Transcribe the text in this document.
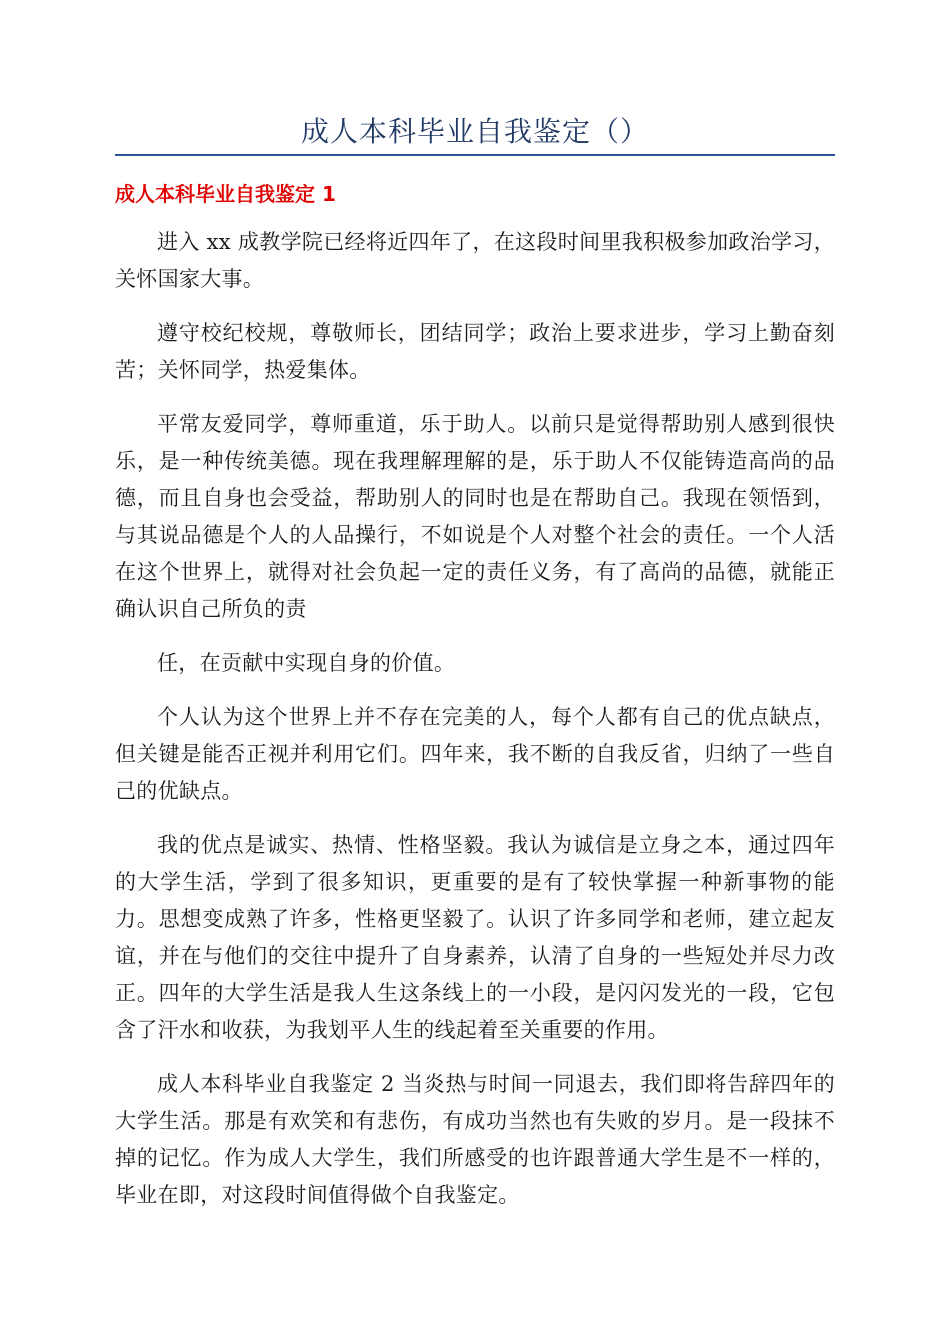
成人本科毕业自我鉴定（）
成人本科毕业自我鉴定 1

进入 xx 成教学院已经将近四年了，在这段时间里我积极参加政治学习，关怀国家大事。

遵守校纪校规，尊敬师长，团结同学；政治上要求进步，学习上勤奋刻苦；关怀同学，热爱集体。

平常友爱同学，尊师重道，乐于助人。以前只是觉得帮助别人感到很快乐，是一种传统美德。现在我理解理解的是，乐于助人不仅能铸造高尚的品德，而且自身也会受益，帮助别人的同时也是在帮助自己。我现在领悟到，与其说品德是个人的人品操行，不如说是个人对整个社会的责任。一个人活在这个世界上，就得对社会负起一定的责任义务，有了高尚的品德，就能正确认识自己所负的责

任，在贡献中实现自身的价值。

个人认为这个世界上并不存在完美的人，每个人都有自己的优点缺点，但关键是能否正视并利用它们。四年来，我不断的自我反省，归纳了一些自己的优缺点。

我的优点是诚实、热情、性格坚毅。我认为诚信是立身之本，通过四年的大学生活，学到了很多知识，更重要的是有了较快掌握一种新事物的能力。思想变成熟了许多，性格更坚毅了。认识了许多同学和老师，建立起友谊，并在与他们的交往中提升了自身素养，认清了自身的一些短处并尽力改正。四年的大学生活是我人生这条线上的一小段，是闪闪发光的一段，它包含了汗水和收获，为我划平人生的线起着至关重要的作用。

成人本科毕业自我鉴定 2 当炎热与时间一同退去，我们即将告辞四年的大学生活。那是有欢笑和有悲伤，有成功当然也有失败的岁月。是一段抹不掉的记忆。作为成人大学生，我们所感受的也许跟普通大学生是不一样的，毕业在即，对这段时间值得做个自我鉴定。
